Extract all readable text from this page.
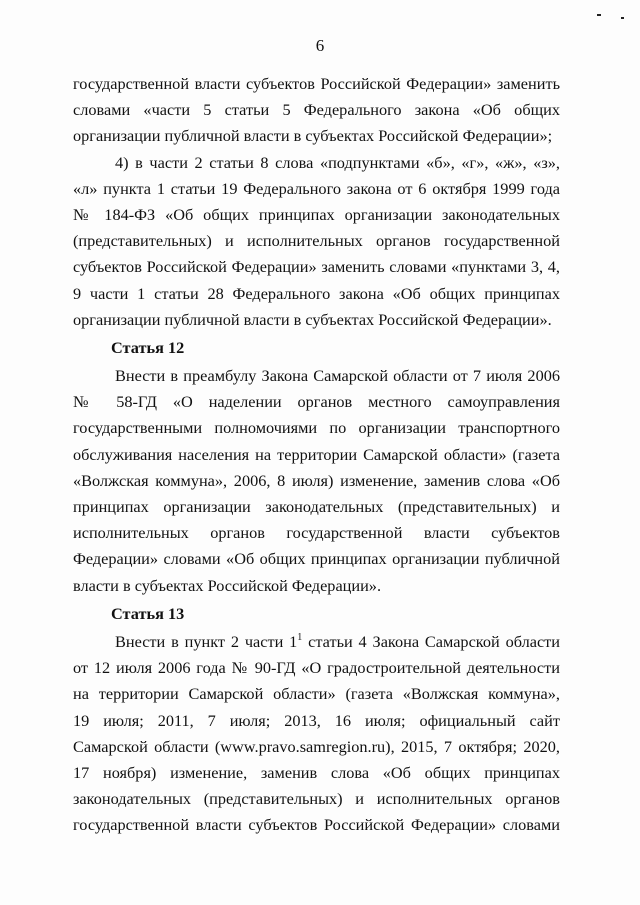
6
государственной власти субъектов Российской Федерации» заменить
словами «части 5 статьи 5 Федерального закона «Об общих
организации публичной власти в субъектах Российской Федерации»;
4) в части 2 статьи 8 слова «подпунктами «б», «г», «ж», «з»,
«л» пункта 1 статьи 19 Федерального закона от 6 октября 1999 года
№ 184-ФЗ «Об общих принципах организации законодательных
(представительных) и исполнительных органов государственной
субъектов Российской Федерации» заменить словами «пунктами 3, 4,
9 части 1 статьи 28 Федерального закона «Об общих принципах
организации публичной власти в субъектах Российской Федерации».
Статья 12
Внести в преамбулу Закона Самарской области от 7 июля 2006
№ 58-ГД «О наделении органов местного самоуправления
государственными полномочиями по организации транспортного
обслуживания населения на территории Самарской области» (газета
«Волжская коммуна», 2006, 8 июля) изменение, заменив слова «Об
принципах организации законодательных (представительных) и
исполнительных органов государственной власти субъектов
Федерации» словами «Об общих принципах организации публичной
власти в субъектах Российской Федерации».
Статья 13
Внести в пункт 2 части $1^1$ статьи 4 Закона Самарской области
от 12 июля 2006 года № 90-ГД «О градостроительной деятельности
на территории Самарской области» (газета «Волжская коммуна»,
19 июля; 2011, 7 июля; 2013, 16 июля; официальный сайт
Самарской области (www.pravo.samregion.ru), 2015, 7 октября; 2020,
17 ноября) изменение, заменив слова «Об общих принципах
законодательных (представительных) и исполнительных органов
государственной власти субъектов Российской Федерации» словами
